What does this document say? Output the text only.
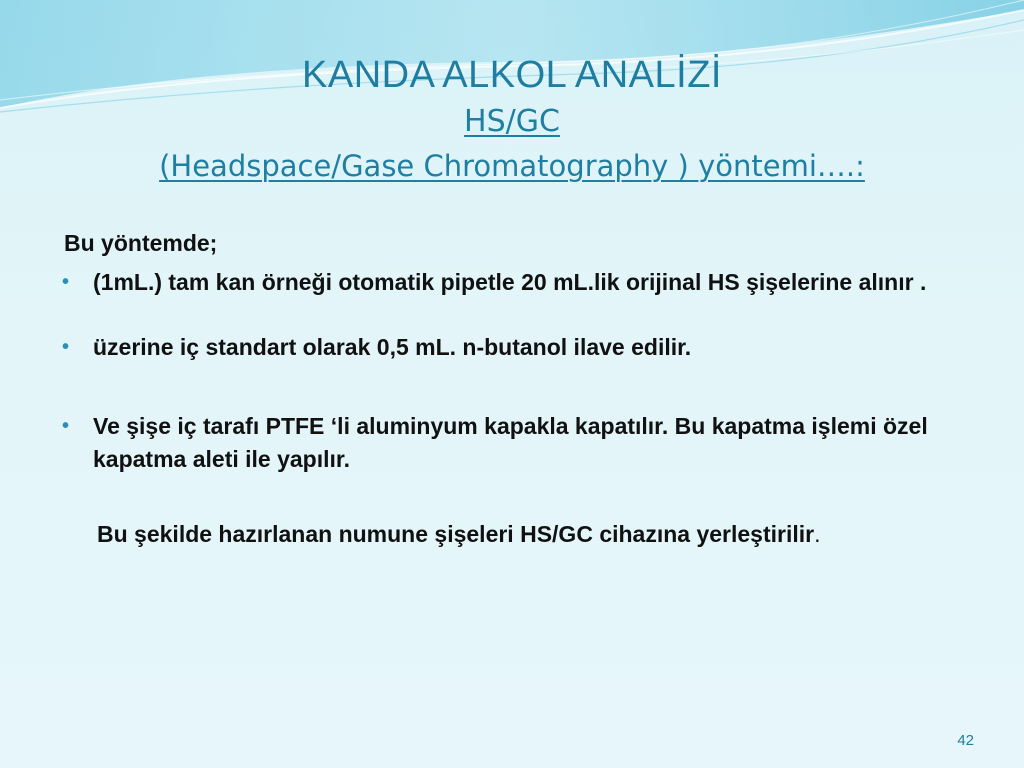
KANDA ALKOL ANALİZİ
HS/GC
(Headspace/Gase Chromatography ) yöntemi….:
Bu yöntemde;
• (1mL.) tam kan örneği otomatik pipetle 20 mL.lik orijinal HS şişelerine alınır .
• üzerine iç standart olarak 0,5 mL. n-butanol ilave edilir.
• Ve şişe iç tarafı PTFE ‘li aluminyum kapakla kapatılır. Bu kapatma işlemi özel kapatma aleti ile yapılır.
Bu şekilde hazırlanan numune şişeleri HS/GC cihazına yerleştirilir.
42
